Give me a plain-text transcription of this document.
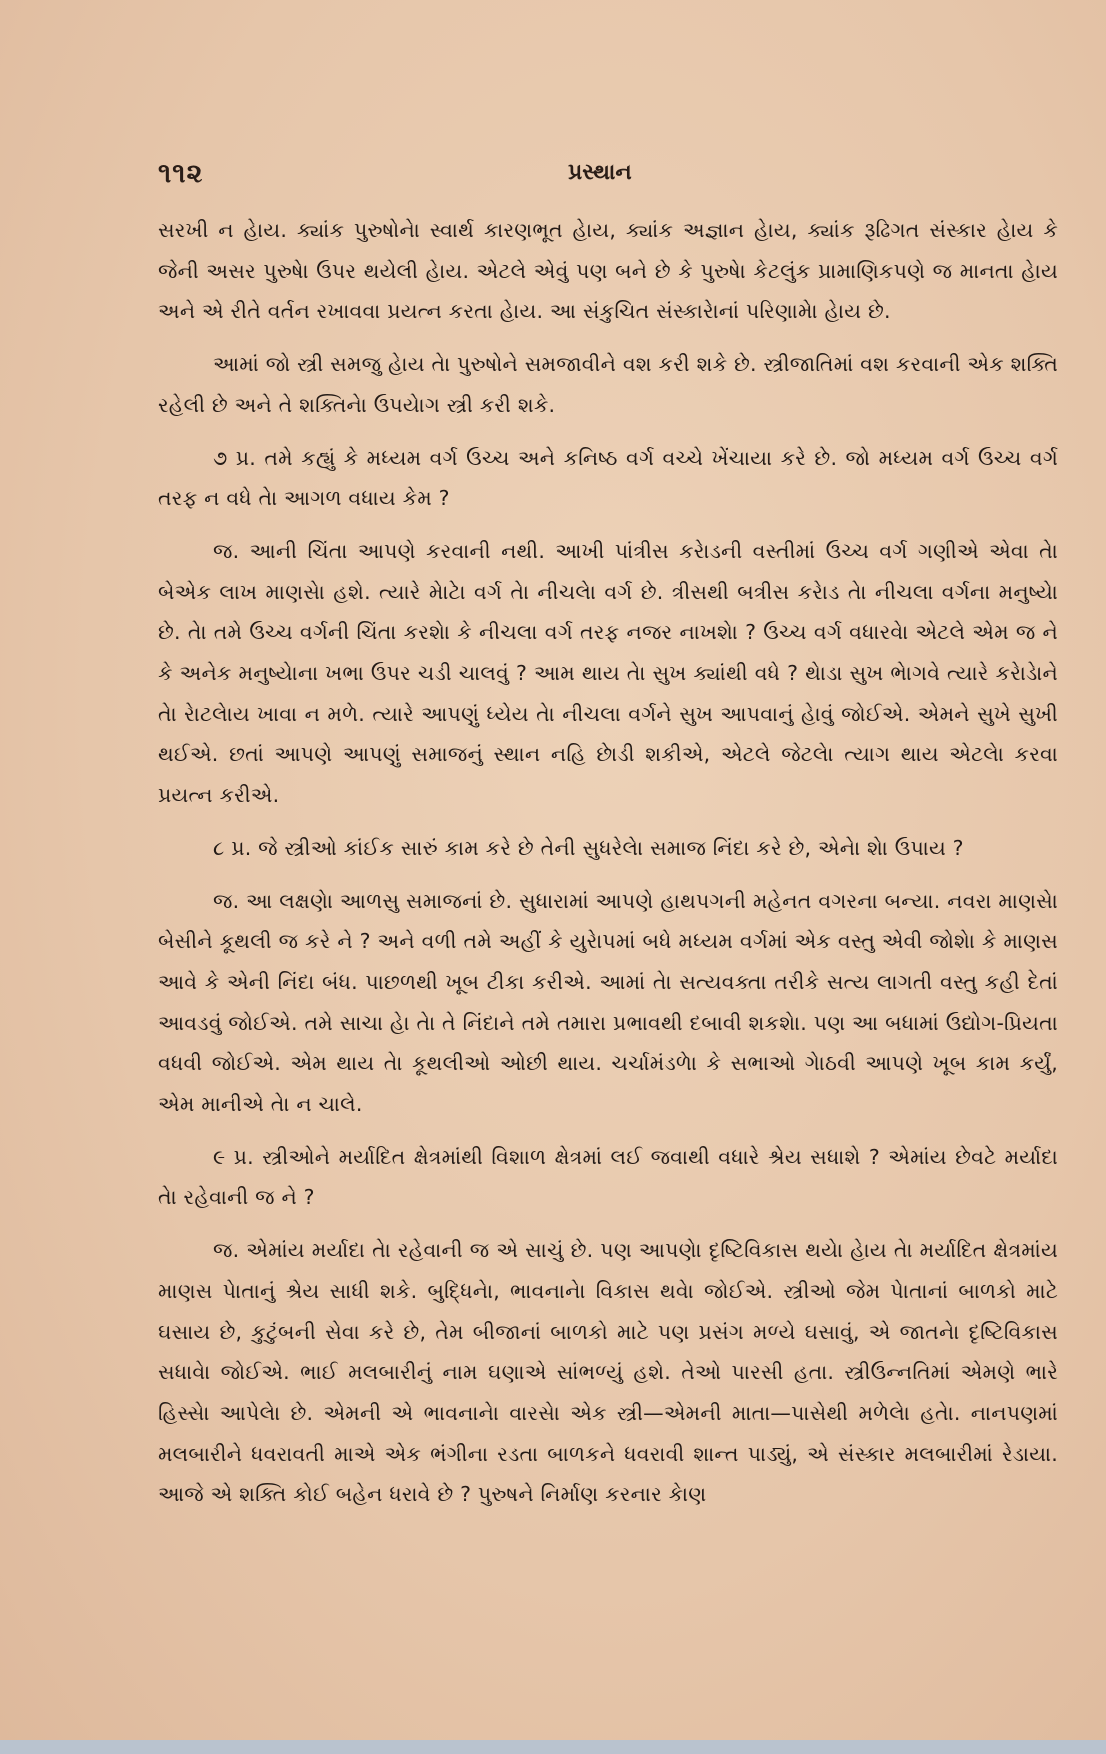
૧૧૨	પ્રસ્થાન

સરખી ન હેાય. ક્યાંક પુરુષોનેા સ્વાર્થ કારણભૂત હેાય, ક્યાંક અજ્ઞાન હેાય, ક્યાંક રૂઢિગત સંસ્કાર હેાય કે જેની અસર પુરુષેા ઉપર થયેલી હેાય. એટલે એવું પણ બને છે કે પુરુષેા કેટલુંક પ્રામાણિકપણે જ માનતા હેાય અને એ રીતે વર્તન રખાવવા પ્રયત્ન કરતા હેાય. આ સંકુચિત સંસ્કારેાનાં પરિણામેા હેાય છે.

આમાં જો સ્ત્રી સમજુ હેાય તેા પુરુષોને સમજાવીને વશ કરી શકે છે. સ્ત્રીજાતિમાં વશ કરવાની એક શક્તિ રહેલી છે અને તે શક્તિનેા ઉપયેાગ સ્ત્રી કરી શકે.

૭ પ્ર. તમે કહ્યું કે મધ્યમ વર્ગ ઉચ્ચ અને કનિષ્ઠ વર્ગ વચ્ચે ખેંચાયા કરે છે. જો મધ્યમ વર્ગ ઉચ્ચ વર્ગ તરફ ન વધે તેા આગળ વધાય કેમ ?

જ. આની ચિંતા આપણે કરવાની નથી. આખી પાંત્રીસ કરેાડની વસ્તીમાં ઉચ્ચ વર્ગ ગણીએ એવા તેા બેએક લાખ માણસેા હશે. ત્યારે મેાટેા વર્ગ તેા નીચલેા વર્ગ છે. ત્રીસથી બત્રીસ કરેાડ તેા નીચલા વર્ગના મનુષ્યેા છે. તેા તમે ઉચ્ચ વર્ગની ચિંતા કરશેા કે નીચલા વર્ગ તરફ નજર નાખશેા ? ઉચ્ચ વર્ગ વધારવેા એટલે એમ જ ને કે અનેક મનુષ્યેાના ખભા ઉપર ચડી ચાલવું ? આમ થાય તેા સુખ ક્યાંથી વધે ? થેાડા સુખ ભેાગવે ત્યારે કરેાડેાને તેા રેાટલેાય ખાવા ન મળે. ત્યારે આપણું ધ્યેય તેા નીચલા વર્ગને સુખ આપવાનું હેાવું જોઈએ. એમને સુખે સુખી થઈએ. છતાં આપણે આપણું સમાજનું સ્થાન નહિ છેાડી શકીએ, એટલે જેટલેા ત્યાગ થાય એટલેા કરવા પ્રયત્ન કરીએ.

૮ પ્ર. જે સ્ત્રીઓ કાંઈક સારું કામ કરે છે તેની સુધરેલેા સમાજ નિંદા કરે છે, એનેા શેા ઉપાય ?

જ. આ લક્ષણેા આળસુ સમાજનાં છે. સુધારામાં આપણે હાથપગની મહેનત વગરના બન્યા. નવરા માણસેા બેસીને કૂથલી જ કરે ને ? અને વળી તમે અહીં કે યુરેાપમાં બધે મધ્યમ વર્ગમાં એક વસ્તુ એવી જોશેા કે માણસ આવે કે એની નિંદા બંધ. પાછળથી ખૂબ ટીકા કરીએ. આમાં તેા સત્યવક્તા તરીકે સત્ય લાગતી વસ્તુ કહી દેતાં આવડવું જોઈએ. તમે સાચા હેા તેા તે નિંદાને તમે તમારા પ્રભાવથી દબાવી શકશેા. પણ આ બધામાં ઉદ્યોગ-પ્રિયતા વધવી જોઈએ. એમ થાય તેા કૂથલીઓ ઓછી થાય. ચર્ચામંડળેા કે સભાઓ ગેાઠવી આપણે ખૂબ કામ કર્યું, એમ માનીએ તેા ન ચાલે.

૯ પ્ર. સ્ત્રીઓને મર્યાદિત ક્ષેત્રમાંથી વિશાળ ક્ષેત્રમાં લઈ જવાથી વધારે શ્રેય સધાશે ? એમાંય છેવટે મર્યાદા તેા રહેવાની જ ને ?

જ. એમાંય મર્યાદા તેા રહેવાની જ એ સાચું છે. પણ આપણેા દૃષ્ટિવિકાસ થયેા હેાય તેા મર્યાદિત ક્ષેત્રમાંય માણસ પેાતાનું શ્રેય સાધી શકે. બુદ્ધિનેા, ભાવનાનેા વિકાસ થવેા જોઈએ. સ્ત્રીઓ જેમ પેાતાનાં બાળકો માટે ઘસાય છે, કુટુંબની સેવા કરે છે, તેમ બીજાનાં બાળકો માટે પણ પ્રસંગ મળ્યે ઘસાવું, એ જાતનેા દૃષ્ટિવિકાસ સધાવેા જોઈએ. ભાઈ મલબારીનું નામ ઘણાએ સાંભળ્યું હશે. તેઓ પારસી હતા. સ્ત્રીઉન્નતિમાં એમણે ભારે હિસ્સેા આપેલેા છે. એમની એ ભાવનાનેા વારસેા એક સ્ત્રી—એમની માતા—પાસેથી મળેલેા હતેા. નાનપણમાં મલબારીને ધવરાવતી માએ એક ભંગીના રડતા બાળકને ધવરાવી શાન્ત પાડ્યું, એ સંસ્કાર મલબારીમાં રેડાયા. આજે એ શક્તિ કોઈ બહેન ધરાવે છે ? પુરુષને નિર્માણ કરનાર કેાણ
